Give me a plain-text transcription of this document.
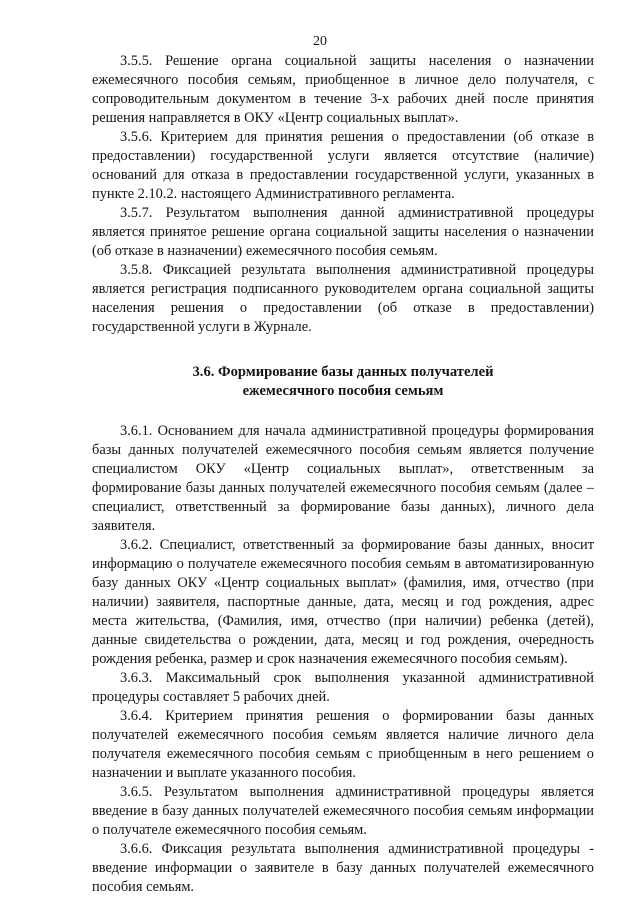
20

3.5.5. Решение органа социальной защиты населения о назначении ежемесячного пособия семьям, приобщенное в личное дело получателя, с сопроводительным документом в течение 3-х рабочих дней после принятия решения направляется в ОКУ «Центр социальных выплат».

3.5.6. Критерием для принятия решения о предоставлении (об отказе в предоставлении) государственной услуги является отсутствие (наличие) оснований для отказа в предоставлении государственной услуги, указанных в пункте 2.10.2. настоящего Административного регламента.

3.5.7. Результатом выполнения данной административной процедуры является принятое решение органа социальной защиты населения о назначении (об отказе в назначении) ежемесячного пособия семьям.

3.5.8. Фиксацией результата выполнения административной процедуры является регистрация подписанного руководителем органа социальной защиты населения решения о предоставлении (об отказе в предоставлении) государственной услуги в Журнале.

3.6. Формирование базы данных получателей

ежемесячного пособия семьям

3.6.1. Основанием для начала административной процедуры формирования базы данных получателей ежемесячного пособия семьям является получение специалистом ОКУ «Центр социальных выплат», ответственным за формирование базы данных получателей ежемесячного пособия семьям (далее – специалист, ответственный за формирование базы данных), личного дела заявителя.

3.6.2. Специалист, ответственный за формирование базы данных, вносит информацию о получателе ежемесячного пособия семьям в автоматизированную базу данных ОКУ «Центр социальных выплат» (фамилия, имя, отчество (при наличии) заявителя, паспортные данные, дата, месяц и год рождения, адрес места жительства, (Фамилия, имя, отчество (при наличии) ребенка (детей), данные свидетельства о рождении, дата, месяц и год рождения, очередность рождения ребенка, размер и срок назначения ежемесячного пособия семьям).

3.6.3. Максимальный срок выполнения указанной административной процедуры составляет 5 рабочих дней.

3.6.4. Критерием принятия решения о формировании базы данных получателей ежемесячного пособия семьям является наличие личного дела получателя ежемесячного пособия семьям с приобщенным в него решением о назначении и выплате указанного пособия.

3.6.5. Результатом выполнения административной процедуры является введение в базу данных получателей ежемесячного пособия семьям информации о получателе ежемесячного пособия семьям.

3.6.6. Фиксация результата выполнения административной процедуры - введение информации о заявителе в базу данных получателей ежемесячного пособия семьям.
